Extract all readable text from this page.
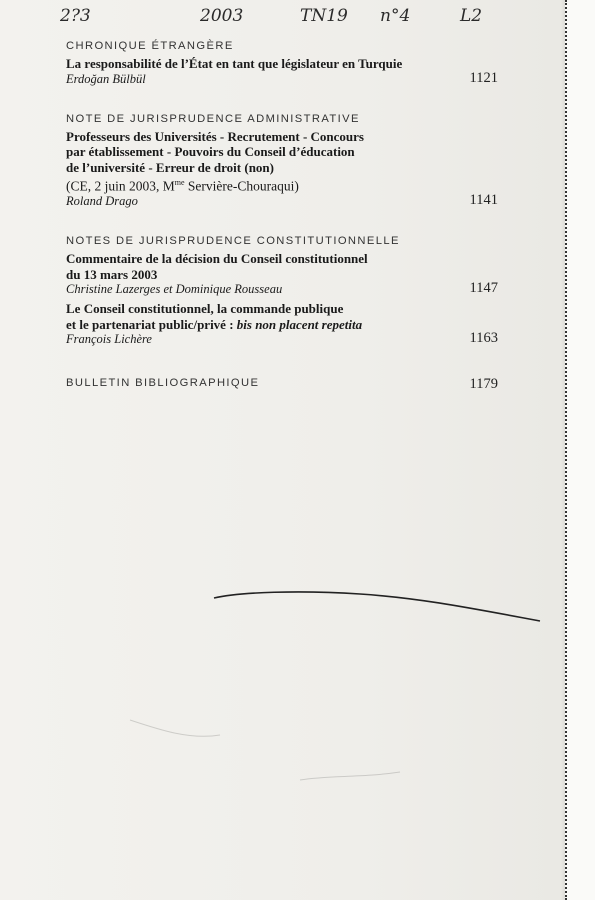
2?3	2003	TN19 n°4	L2
CHRONIQUE ÉTRANGÈRE
La responsabilité de l’État en tant que législateur en Turquie
Erdoğan Bülbül	1121
NOTE DE JURISPRUDENCE ADMINISTRATIVE
Professeurs des Universités - Recrutement - Concours
par établissement - Pouvoirs du Conseil d’éducation
de l’université - Erreur de droit (non)
(CE, 2 juin 2003, $M^{me}$ Servière-Chouraqui)
Roland Drago	1141
NOTES DE JURISPRUDENCE CONSTITUTIONNELLE
Commentaire de la décision du Conseil constitutionnel
du 13 mars 2003
Christine Lazerges et Dominique Rousseau	1147
Le Conseil constitutionnel, la commande publique
et le partenariat public/privé : bis non placent repetita
François Lichère	1163
BULLETIN BIBLIOGRAPHIQUE	1179
